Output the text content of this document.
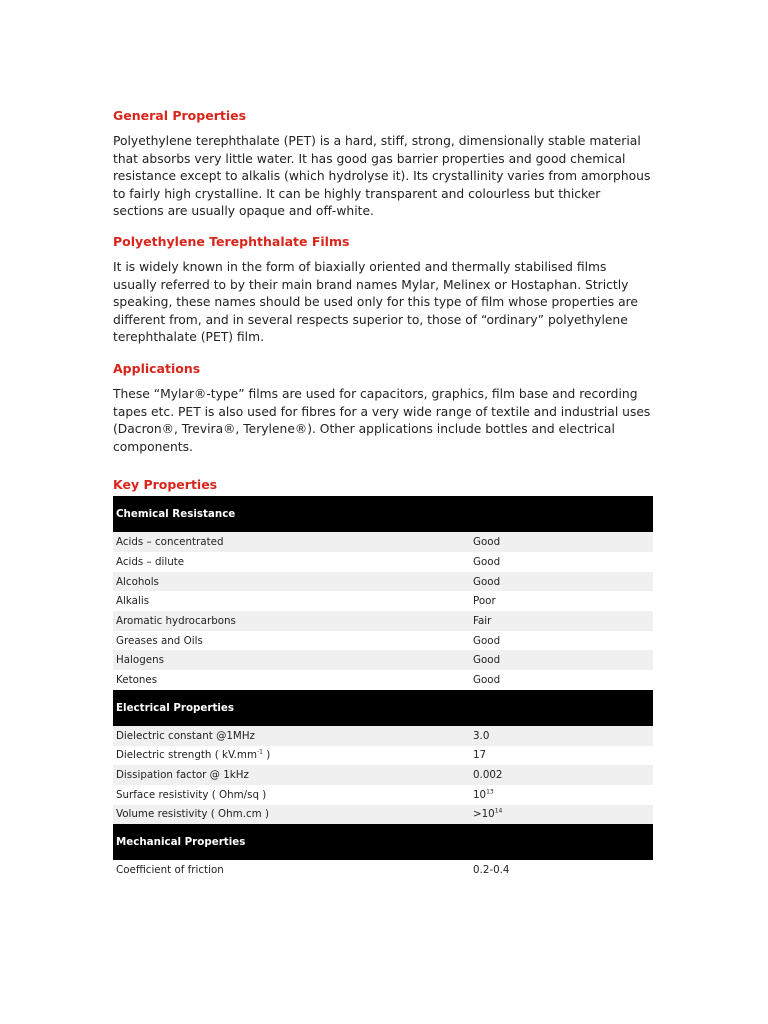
General Properties

Polyethylene terephthalate (PET) is a hard, stiff, strong, dimensionally stable material that absorbs very little water. It has good gas barrier properties and good chemical resistance except to alkalis (which hydrolyse it). Its crystallinity varies from amorphous to fairly high crystalline. It can be highly transparent and colourless but thicker sections are usually opaque and off-white.

Polyethylene Terephthalate Films

It is widely known in the form of biaxially oriented and thermally stabilised films usually referred to by their main brand names Mylar, Melinex or Hostaphan. Strictly speaking, these names should be used only for this type of film whose properties are different from, and in several respects superior to, those of “ordinary” polyethylene terephthalate (PET) film.

Applications

These “Mylar®-type” films are used for capacitors, graphics, film base and recording tapes etc. PET is also used for fibres for a very wide range of textile and industrial uses (Dacron®, Trevira®, Terylene®). Other applications include bottles and electrical components.

Key Properties
Chemical Resistance	
Acids – concentrated	Good
Acids – dilute	Good
Alcohols	Good
Alkalis	Poor
Aromatic hydrocarbons	Fair
Greases and Oils	Good
Halogens	Good
Ketones	Good
Electrical Properties	
Dielectric constant @1MHz	3.0
Dielectric strength ( $kV.mm^{-1}$ )	17
Dissipation factor @ 1kHz	0.002
Surface resistivity ( Ohm/sq )	$10^{13}$
Volume resistivity ( Ohm.cm )	$>10^{14}$
Mechanical Properties	
Coefficient of friction	0.2-0.4
